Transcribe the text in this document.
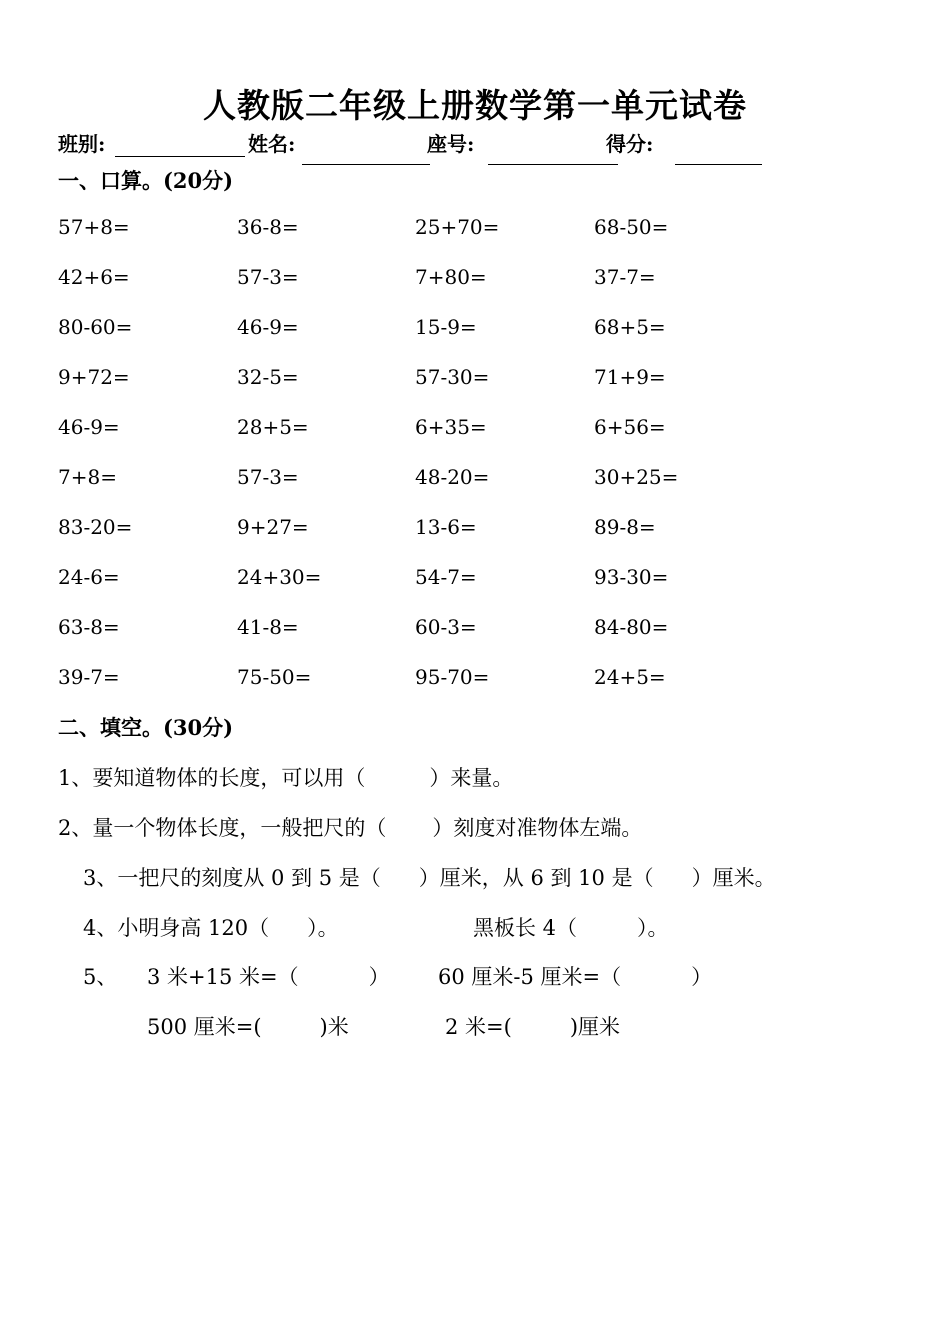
人教版二年级上册数学第一单元试卷
班别:	姓名:	座号:	得分:
一、口算。(20分)
57+8=	36-8=	25+70=	68-50=
42+6=	57-3=	7+80=	37-7=
80-60=	46-9=	15-9=	68+5=
9+72=	32-5=	57-30=	71+9=
46-9=	28+5=	6+35=	6+56=
7+8=	57-3=	48-20=	30+25=
83-20=	9+27=	13-6=	89-8=
24-6=	24+30=	54-7=	93-30=
63-8=	41-8=	60-3=	84-80=
39-7=	75-50=	95-70=	24+5=
二、填空。(30分)
1、要知道物体的长度，可以用（	）来量。
2、量一个物体长度，一般把尺的（ ）刻度对准物体左端。
3、一把尺的刻度从 0 到 5 是（ ）厘米，从 6 到 10 是（ ）厘米。
4、小明身高 120（ ）。	黑板长 4（	）。
5、 3 米+15 米=（	） 60 厘米-5 厘米=（	）
500 厘米=(	)米	2 米=(	)厘米
